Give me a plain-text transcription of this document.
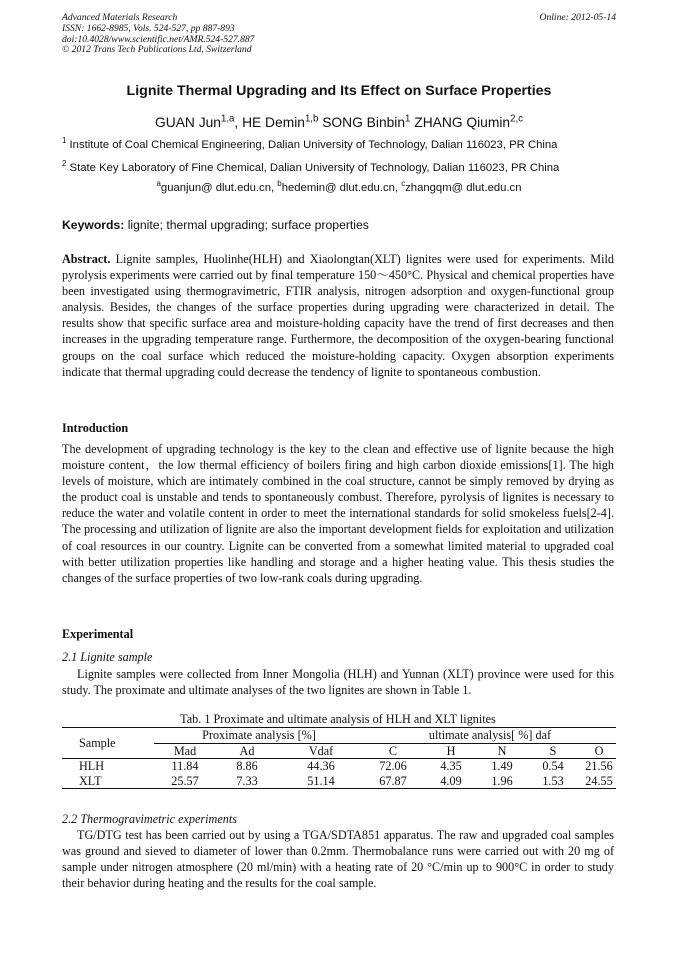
Advanced Materials Research
ISSN: 1662-8985, Vols. 524-527, pp 887-893
doi:10.4028/www.scientific.net/AMR.524-527.887
© 2012 Trans Tech Publications Ltd, Switzerland
Online: 2012-05-14
Lignite Thermal Upgrading and Its Effect on Surface Properties
GUAN Jun$^{1,a}$, HE Demin$^{1,b}$ SONG Binbin$^1$ ZHANG Qiumin$^{2,c}$
$^1$ Institute of Coal Chemical Engineering, Dalian University of Technology, Dalian 116023, PR China
$^2$ State Key Laboratory of Fine Chemical, Dalian University of Technology, Dalian 116023, PR China
$^a$guanjun@ dlut.edu.cn, $^b$hedemin@ dlut.edu.cn, $^c$zhangqm@ dlut.edu.cn
Keywords: lignite; thermal upgrading; surface properties
Abstract. Lignite samples, Huolinhe(HLH) and Xiaolongtan(XLT) lignites were used for experiments. Mild pyrolysis experiments were carried out by final temperature 150～450°C. Physical and chemical properties have been investigated using thermogravimetric, FTIR analysis, nitrogen adsorption and oxygen-functional group analysis. Besides, the changes of the surface properties during upgrading were characterized in detail. The results show that specific surface area and moisture-holding capacity have the trend of first decreases and then increases in the upgrading temperature range. Furthermore, the decomposition of the oxygen-bearing functional groups on the coal surface which reduced the moisture-holding capacity. Oxygen absorption experiments indicate that thermal upgrading could decrease the tendency of lignite to spontaneous combustion.
Introduction
The development of upgrading technology is the key to the clean and effective use of lignite because the high moisture content，the low thermal efficiency of boilers firing and high carbon dioxide emissions[1]. The high levels of moisture, which are intimately combined in the coal structure, cannot be simply removed by drying as the product coal is unstable and tends to spontaneously combust. Therefore, pyrolysis of lignites is necessary to reduce the water and volatile content in order to meet the international standards for solid smokeless fuels[2-4]. The processing and utilization of lignite are also the important development fields for exploitation and utilization of coal resources in our country. Lignite can be converted from a somewhat limited material to upgraded coal with better utilization properties like handling and storage and a higher heating value. This thesis studies the changes of the surface properties of two low-rank coals during upgrading.
Experimental
2.1 Lignite sample
Lignite samples were collected from Inner Mongolia (HLH) and Yunnan (XLT) province were used for this study. The proximate and ultimate analyses of the two lignites are shown in Table 1.
Tab. 1 Proximate and ultimate analysis of HLH and XLT lignites
Sample	Proximate analysis [%]			ultimate analysis[ %] daf				
	Mad	Ad	Vdaf	C	H	N	S	O
HLH	11.84	8.86	44.36	72.06	4.35	1.49	0.54	21.56
XLT	25.57	7.33	51.14	67.87	4.09	1.96	1.53	24.55
2.2 Thermogravimetric experiments
TG/DTG test has been carried out by using a TGA/SDTA851 apparatus. The raw and upgraded coal samples was ground and sieved to diameter of lower than 0.2mm. Thermobalance runs were carried out with 20 mg of sample under nitrogen atmosphere (20 ml/min) with a heating rate of 20 °C/min up to 900°C in order to study their behavior during heating and the results for the coal sample.
